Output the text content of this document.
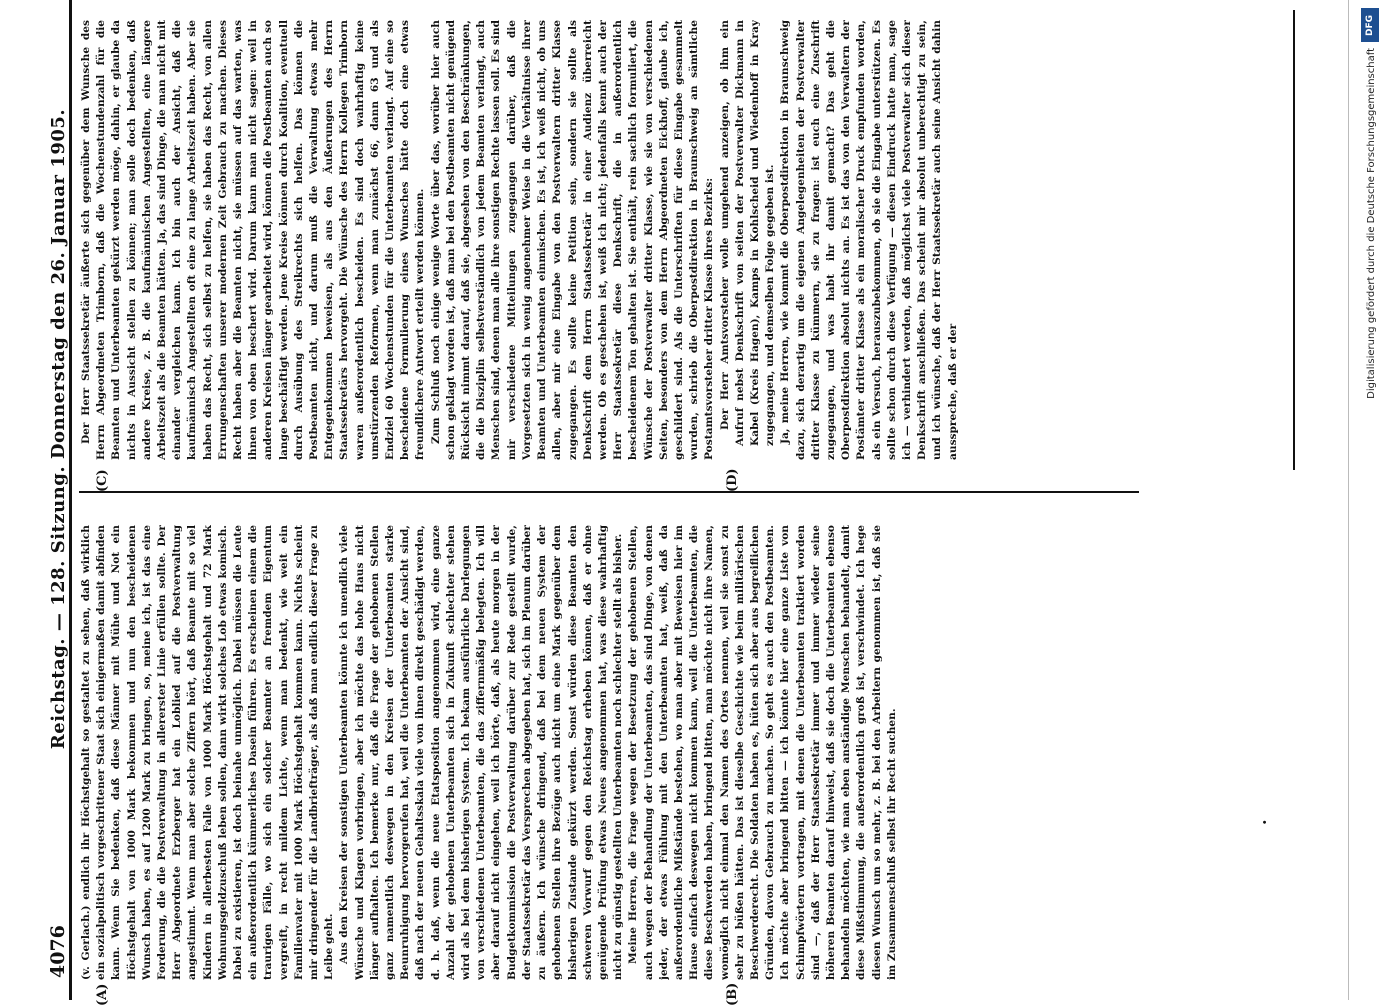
4076
Reichstag. — 128. Sitzung. Donnerstag den 26. Januar 1905.
(A)	(B)
(C)	(D)
·

(v. Gerlach.) endlich ihr Höchstgehalt so gestaltet zu sehen, daß wirklich ein sozialpolitisch vorgeschrittener Staat sich einigermaßen damit abfinden kann. Wenn Sie bedenken, daß diese Männer mit Mühe und Not ein Höchstgehalt von 1000 Mark bekommen und nun den bescheidenen Wunsch haben, es auf 1200 Mark zu bringen, so, meine ich, ist das eine Forderung, die die Postverwaltung in allererster Linie erfüllen sollte. Der Herr Abgeordnete Erzberger hat ein Loblied auf die Postverwaltung angestimmt. Wenn man aber solche Ziffern hört, daß Beamte mit so viel Kindern in allerbesten Falle von 1000 Mark Höchstgehalt und 72 Mark Wohnungsgeldzuschuß leben sollen, dann wirkt solches Lob etwas komisch. Dabei zu existieren, ist doch beinahe unmöglich. Dabei müssen die Leute ein außerordentlich kümmerliches Dasein führen. Es erscheinen einem die traurigen Fälle, wo sich ein solcher Beamter an fremdem Eigentum vergreift, in recht mildem Lichte, wenn man bedenkt, wie weit ein Familienvater mit 1000 Mark Höchstgehalt kommen kann. Nichts scheint mir dringender für die Landbriefträger, als daß man endlich dieser Frage zu Leibe geht. Aus den Kreisen der sonstigen Unterbeamten könnte ich unendlich viele Wünsche und Klagen vorbringen, aber ich möchte das hohe Haus nicht länger aufhalten. Ich bemerke nur, daß die Frage der gehobenen Stellen ganz namentlich deswegen in den Kreisen der Unterbeamten starke Beunruhigung hervorgerufen hat, weil die Unterbeamten der Ansicht sind, daß nach der neuen Gehaltsskala viele von ihnen direkt geschädigt werden, d. h. daß, wenn die neue Etatsposition angenommen wird, eine ganze Anzahl der gehobenen Unterbeamten sich in Zukunft schlechter stehen wird als bei dem bisherigen System. Ich bekam ausführliche Darlegungen von verschiedenen Unterbeamten, die das ziffernmäßig belegten. Ich will aber darauf nicht eingehen, weil ich hörte, daß, als heute morgen in der Budgetkommission die Postverwaltung darüber zur Rede gestellt wurde, der Staatssekretär das Versprechen abgegeben hat, sich im Plenum darüber zu äußern. Ich wünsche dringend, daß bei dem neuen System der gehobenen Stellen ihre Bezüge auch nicht um eine Mark gegenüber dem bisherigen Zustande gekürzt werden. Sonst würden diese Beamten den schweren Vorwurf gegen den Reichstag erheben können, daß er ohne genügende Prüfung etwas Neues angenommen hat, was diese wahrhaftig nicht zu günstig gestellten Unterbeamten noch schlechter stellt als bisher. Meine Herren, die Frage wegen der Besetzung der gehobenen Stellen, auch wegen der Behandlung der Unterbeamten, das sind Dinge, von denen jeder, der etwas Fühlung mit den Unterbeamten hat, weiß, daß da außerordentliche Mißstände bestehen, wo man aber mit Beweisen hier im Hause einfach deswegen nicht kommen kann, weil die Unterbeamten, die diese Beschwerden haben, bringend bitten, man möchte nicht ihre Namen, womöglich nicht einmal den Namen des Ortes nennen, weil sie sonst zu sehr zu büßen hätten. Das ist dieselbe Geschichte wie beim militärischen Beschwerderecht. Die Soldaten haben es, hüten sich aber aus begreiflichen Gründen, davon Gebrauch zu machen. So geht es auch den Postbeamten. Ich möchte aber bringend bitten — ich könnte hier eine ganze Liste von Schimpfwörtern vortragen, mit denen die Unterbeamten traktiert worden sind —, daß der Herr Staatssekretär immer und immer wieder seine höheren Beamten darauf hinweist, daß sie doch die Unterbeamten ebenso behandeln möchten, wie man eben anständige Menschen behandelt, damit diese Mißstimmung, die außerordentlich groß ist, verschwindet. Ich hege diesen Wunsch um so mehr, z. B. bei den Arbeitern genommen ist, daß sie im Zusammenschluß selbst ihr Recht suchen.

Der Herr Staatssekretär äußerte sich gegenüber dem Wunsche des Herrn Abgeordneten Trimborn, daß die Wochenstundenzahl für die Beamten und Unterbeamten gekürzt werden möge, dahin, er glaube da nichts in Aussicht stellen zu können; man solle doch bedenken, daß andere Kreise, z. B. die kaufmännischen Angestellten, eine längere Arbeitszeit als die Beamten hätten. Ja, das sind Dinge, die man nicht mit einander vergleichen kann. Ich bin auch der Ansicht, daß die kaufmännisch Angestellten oft eine zu lange Arbeitszeit haben. Aber sie haben das Recht, sich selbst zu helfen, sie haben das Recht, von allen Errungenschaften unserer modernen Zeit Gebrauch zu machen. Dieses Recht haben aber die Beamten nicht, sie müssen auf das warten, was ihnen von oben beschert wird. Darum kann man nicht sagen: weil in anderen Kreisen länger gearbeitet wird, können die Postbeamten auch so lange beschäftigt werden. Jene Kreise können durch Koalition, eventuell durch Ausübung des Streikrechts sich helfen. Das können die Postbeamten nicht, und darum muß die Verwaltung etwas mehr Entgegenkommen beweisen, als aus den Äußerungen des Herrn Staatssekretärs hervorgeht. Die Wünsche des Herrn Kollegen Trimborn waren außerordentlich bescheiden. Es sind doch wahrhaftig keine umstürzenden Reformen, wenn man zunächst 66, dann 63 und als Endziel 60 Wochenstunden für die Unterbeamten verlangt. Auf eine so bescheidene Formulierung eines Wunsches hätte doch eine etwas freundlichere Antwort erteilt werden können. Zum Schluß noch einige wenige Worte über das, worüber hier auch schon geklagt worden ist, daß man bei den Postbeamten nicht genügend Rücksicht nimmt darauf, daß sie, abgesehen von den Beschränkungen, die die Disziplin selbstverständlich von jedem Beamten verlangt, auch Menschen sind, denen man alle ihre sonstigen Rechte lassen soll. Es sind mir verschiedene Mitteilungen zugegangen darüber, daß die Vorgesetzten sich in wenig angenehmer Weise in die Verhältnisse ihrer Beamten und Unterbeamten einmischen. Es ist, ich weiß nicht, ob uns allen, aber mir eine Eingabe von den Postverwaltern dritter Klasse zugegangen. Es sollte keine Petition sein, sondern sie sollte als Denkschrift dem Herrn Staatssekretär in einer Audienz überreicht werden. Ob es geschehen ist, weiß ich nicht; jedenfalls kennt auch der Herr Staatssekretär diese Denkschrift, die in außerordentlich bescheidenem Ton gehalten ist. Sie enthält, rein sachlich formuliert, die Wünsche der Postverwalter dritter Klasse, wie sie von verschiedenen Seiten, besonders von dem Herrn Abgeordneten Eickhoff, glaube ich, geschildert sind. Als die Unterschriften für diese Eingabe gesammelt wurden, schrieb die Oberpostdirektion in Braunschweig an sämtliche Postamtsvorsteher dritter Klasse ihres Bezirks: Der Herr Amtsvorsteher wolle umgehend anzeigen, ob ihm ein Aufruf nebst Denkschrift von seiten der Postverwalter Dickmann in Kabel (Kreis Hagen), Kamps in Kohlscheid und Wiedenhoff in Kray zugegangen, und demselben Folge gegeben ist. Ja, meine Herren, wie kommt die Oberpostdirektion in Braunschweig dazu, sich derartig um die eigenen Angelegenheiten der Postverwalter dritter Klasse zu kümmern, sie zu fragen: ist euch eine Zuschrift zugegangen, und was habt ihr damit gemacht? Das geht die Oberpostdirektion absolut nichts an. Es ist das von den Verwaltern der Postämter dritter Klasse als ein moralischer Druck empfunden worden, als ein Versuch, herauszubekommen, ob sie die Eingabe unterstützen. Es sollte schon durch diese Verfügung — diesen Eindruck hatte man, sage ich — verhindert werden, daß möglichst viele Postverwalter sich dieser Denkschrift anschließen. Das scheint mir absolut unberechtigt zu sein, und ich wünsche, daß der Herr Staatssekretär auch seine Ansicht dahin ausspreche, daß er der

DFG
Digitalisierung gefördert durch die Deutsche Forschungsgemeinschaft
